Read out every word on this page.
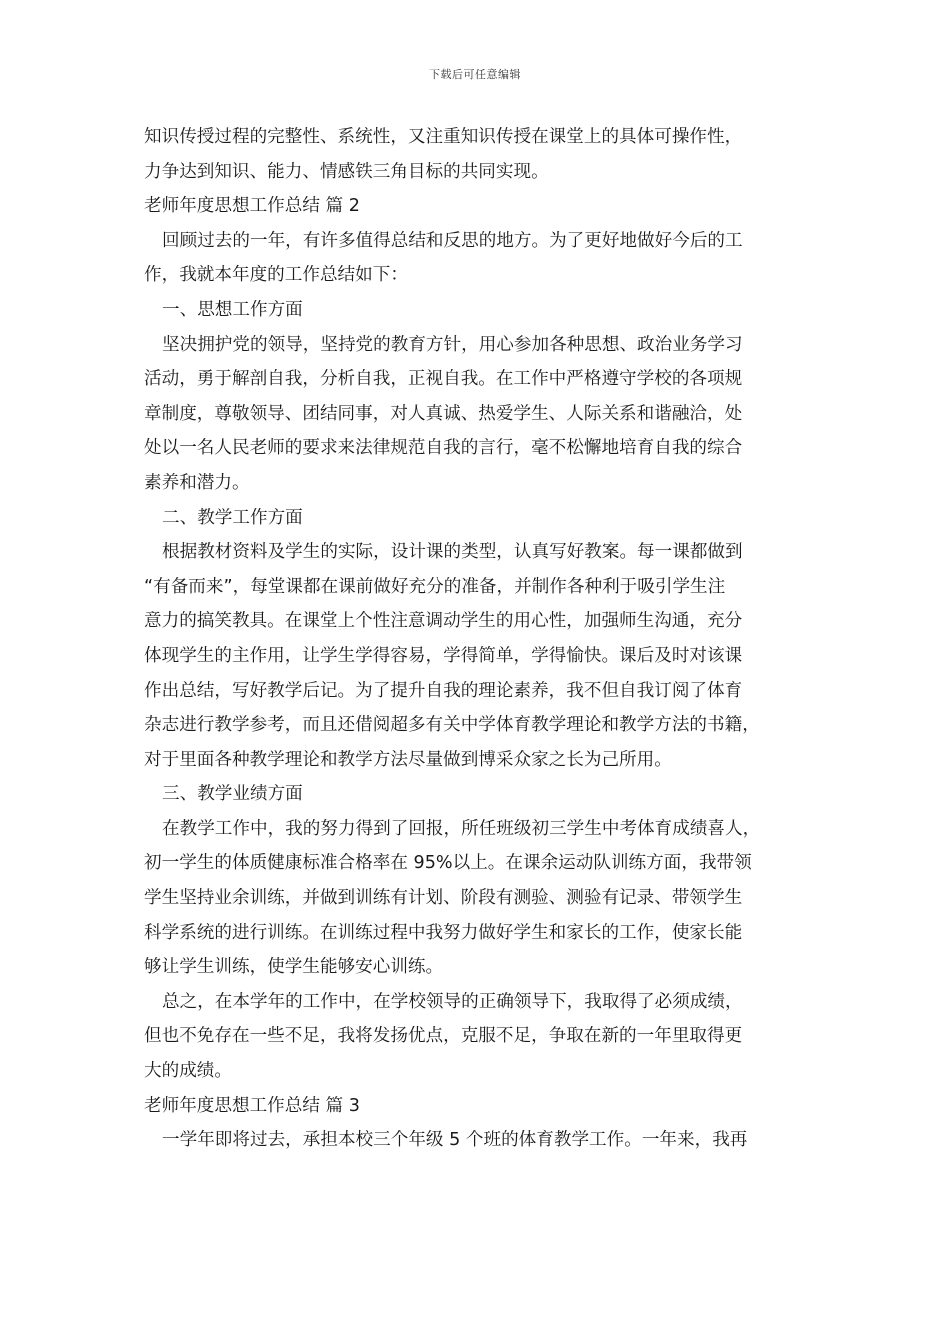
下载后可任意编辑

知识传授过程的完整性、系统性，又注重知识传授在课堂上的具体可操作性，

力争达到知识、能力、情感铁三角目标的共同实现。

老师年度思想工作总结 篇 2

回顾过去的一年，有许多值得总结和反思的地方。为了更好地做好今后的工

作，我就本年度的工作总结如下：

一、思想工作方面

坚决拥护党的领导，坚持党的教育方针，用心参加各种思想、政治业务学习

活动，勇于解剖自我，分析自我，正视自我。在工作中严格遵守学校的各项规

章制度，尊敬领导、团结同事，对人真诚、热爱学生、人际关系和谐融洽，处

处以一名人民老师的要求来法律规范自我的言行，毫不松懈地培育自我的综合

素养和潜力。

二、教学工作方面

根据教材资料及学生的实际，设计课的类型，认真写好教案。每一课都做到

“有备而来”，每堂课都在课前做好充分的准备，并制作各种利于吸引学生注

意力的搞笑教具。在课堂上个性注意调动学生的用心性，加强师生沟通，充分

体现学生的主作用，让学生学得容易，学得简单，学得愉快。课后及时对该课

作出总结，写好教学后记。为了提升自我的理论素养，我不但自我订阅了体育

杂志进行教学参考，而且还借阅超多有关中学体育教学理论和教学方法的书籍，

对于里面各种教学理论和教学方法尽量做到博采众家之长为己所用。

三、教学业绩方面

在教学工作中，我的努力得到了回报，所任班级初三学生中考体育成绩喜人，

初一学生的体质健康标准合格率在 95%以上。在课余运动队训练方面，我带领

学生坚持业余训练，并做到训练有计划、阶段有测验、测验有记录、带领学生

科学系统的进行训练。在训练过程中我努力做好学生和家长的工作，使家长能

够让学生训练，使学生能够安心训练。

总之，在本学年的工作中，在学校领导的正确领导下，我取得了必须成绩，

但也不免存在一些不足，我将发扬优点，克服不足，争取在新的一年里取得更

大的成绩。

老师年度思想工作总结 篇 3

一学年即将过去，承担本校三个年级 5 个班的体育教学工作。一年来，我再
